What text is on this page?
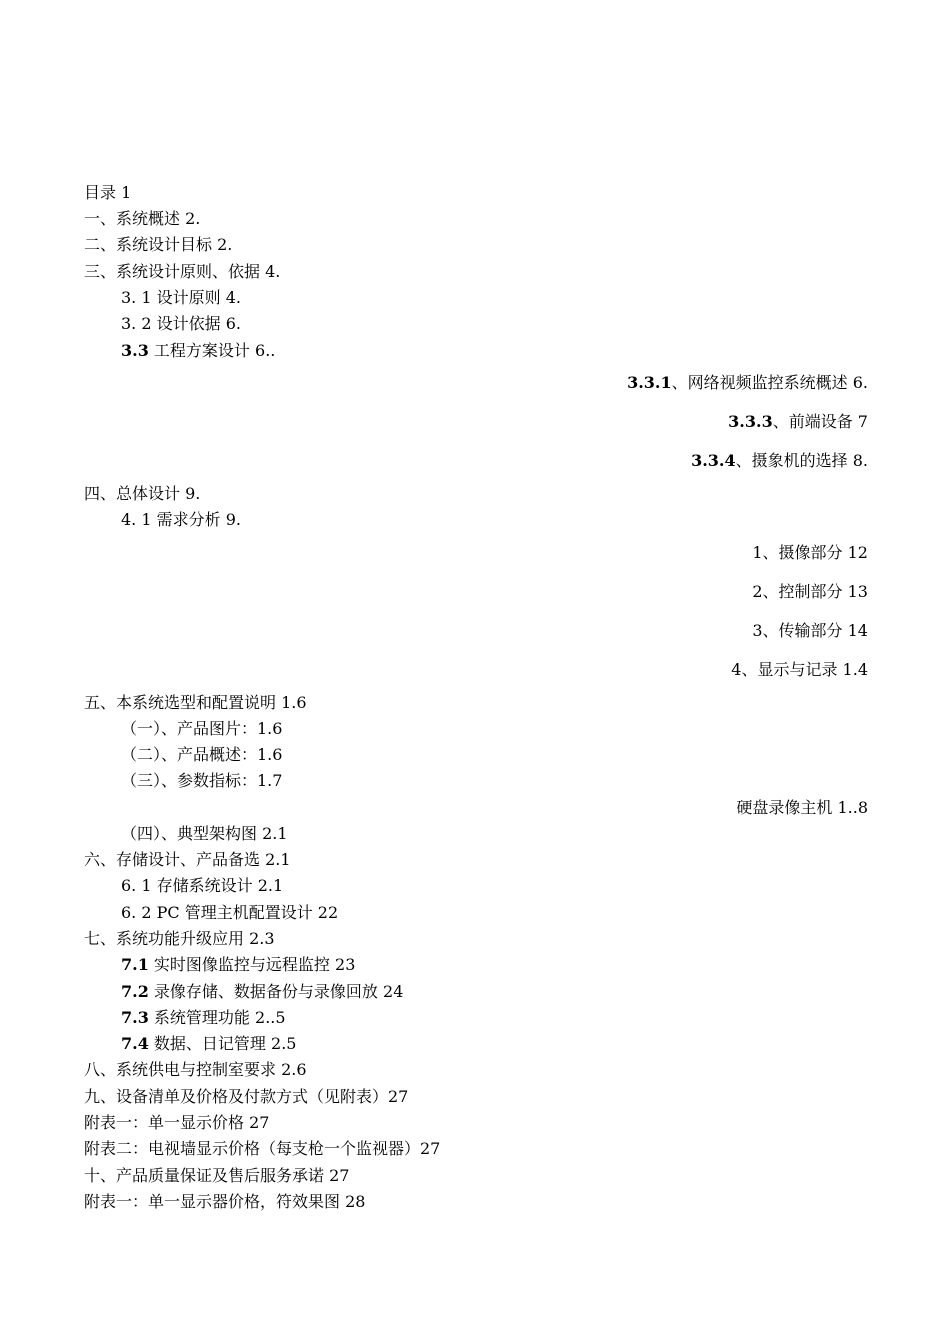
目录 1
一、系统概述 2.
二、系统设计目标 2.
三、系统设计原则、依据 4.
3. 1 设计原则 4.
3. 2 设计依据 6.
3.3 工程方案设计 6..
3.3.1、网络视频监控系统概述 6.
3.3.3、前端设备 7
3.3.4、摄象机的选择 8.
四、总体设计 9.
4. 1 需求分析 9.
1、摄像部分 12
2、控制部分 13
3、传输部分 14
4、显示与记录 1.4
五、本系统选型和配置说明 1.6
（一）、产品图片：1.6
（二）、产品概述：1.6
（三）、参数指标：1.7
硬盘录像主机 1..8
（四）、典型架构图 2.1
六、存储设计、产品备选 2.1
6. 1 存储系统设计 2.1
6. 2 PC 管理主机配置设计 22
七、系统功能升级应用 2.3
7.1 实时图像监控与远程监控 23
7.2 录像存储、数据备份与录像回放 24
7.3 系统管理功能 2..5
7.4 数据、日记管理 2.5
八、系统供电与控制室要求 2.6
九、设备清单及价格及付款方式（见附表）27
附表一：单一显示价格 27
附表二：电视墙显示价格（每支枪一个监视器）27
十、产品质量保证及售后服务承诺 27
附表一：单一显示器价格，符效果图 28
